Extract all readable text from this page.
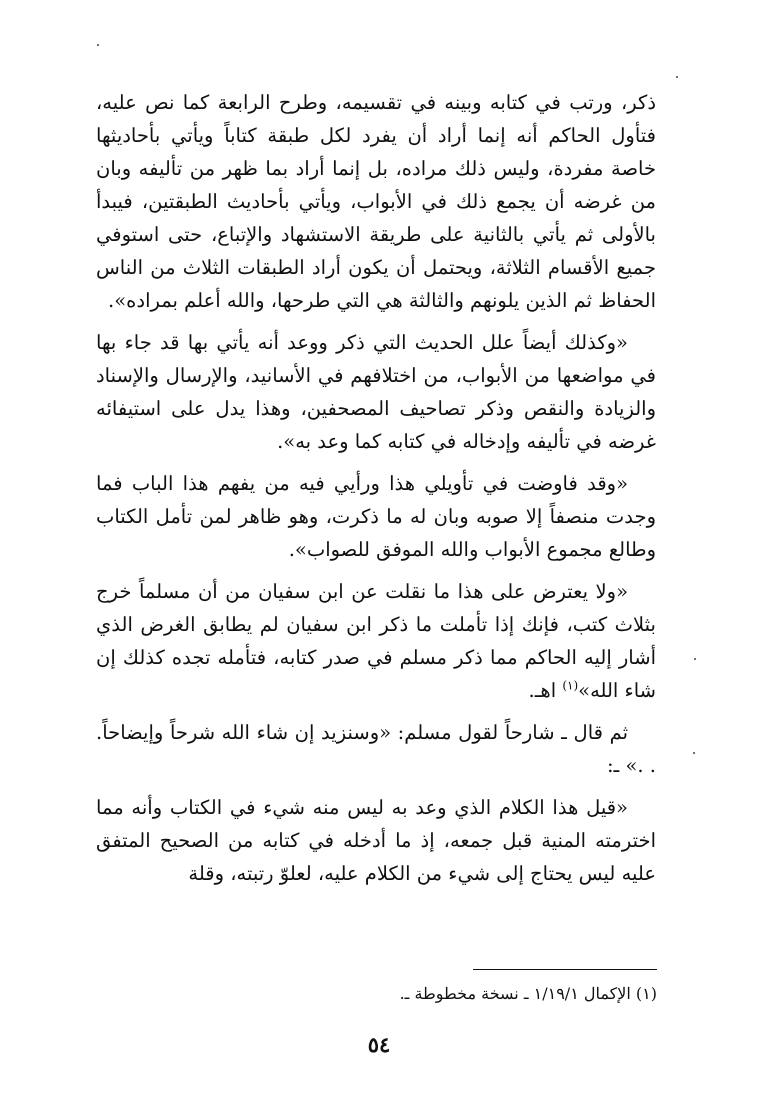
ذكر، ورتب في كتابه وبينه في تقسيمه، وطرح الرابعة كما نص عليه، فتأول الحاكم أنه إنما أراد أن يفرد لكل طبقة كتاباً ويأتي بأحاديثها خاصة مفردة، وليس ذلك مراده، بل إنما أراد بما ظهر من تأليفه وبان من غرضه أن يجمع ذلك في الأبواب، ويأتي بأحاديث الطبقتين، فيبدأ بالأولى ثم يأتي بالثانية على طريقة الاستشهاد والإتباع، حتى استوفي جميع الأقسام الثلاثة، ويحتمل أن يكون أراد الطبقات الثلاث من الناس الحفاظ ثم الذين يلونهم والثالثة هي التي طرحها، والله أعلم بمراده».

«وكذلك أيضاً علل الحديث التي ذكر ووعد أنه يأتي بها قد جاء بها في مواضعها من الأبواب، من اختلافهم في الأسانيد، والإرسال والإسناد والزيادة والنقص وذكر تصاحيف المصحفين، وهذا يدل على استيفائه غرضه في تأليفه وإدخاله في كتابه كما وعد به».

«وقد فاوضت في تأويلي هذا ورأيي فيه من يفهم هذا الباب فما وجدت منصفاً إلا صوبه وبان له ما ذكرت، وهو ظاهر لمن تأمل الكتاب وطالع مجموع الأبواب والله الموفق للصواب».

«ولا يعترض على هذا ما نقلت عن ابن سفيان من أن مسلماً خرج بثلاث كتب، فإنك إذا تأملت ما ذكر ابن سفيان لم يطابق الغرض الذي أشار إليه الحاكم مما ذكر مسلم في صدر كتابه، فتأمله تجده كذلك إن شاء الله»$^{(١)}$ اهـ.

ثم قال ـ شارحاً لقول مسلم: «وسنزيد إن شاء الله شرحاً وإيضاحاً. . .» ـ:

«قيل هذا الكلام الذي وعد به ليس منه شيء في الكتاب وأنه مما اخترمته المنية قبل جمعه، إذ ما أدخله في كتابه من الصحيح المتفق عليه ليس يحتاج إلى شيء من الكلام عليه، لعلوّ رتبته، وقلة

(١) الإكمال ١/١٩/١ ـ نسخة مخطوطة ـ.
٥٤
